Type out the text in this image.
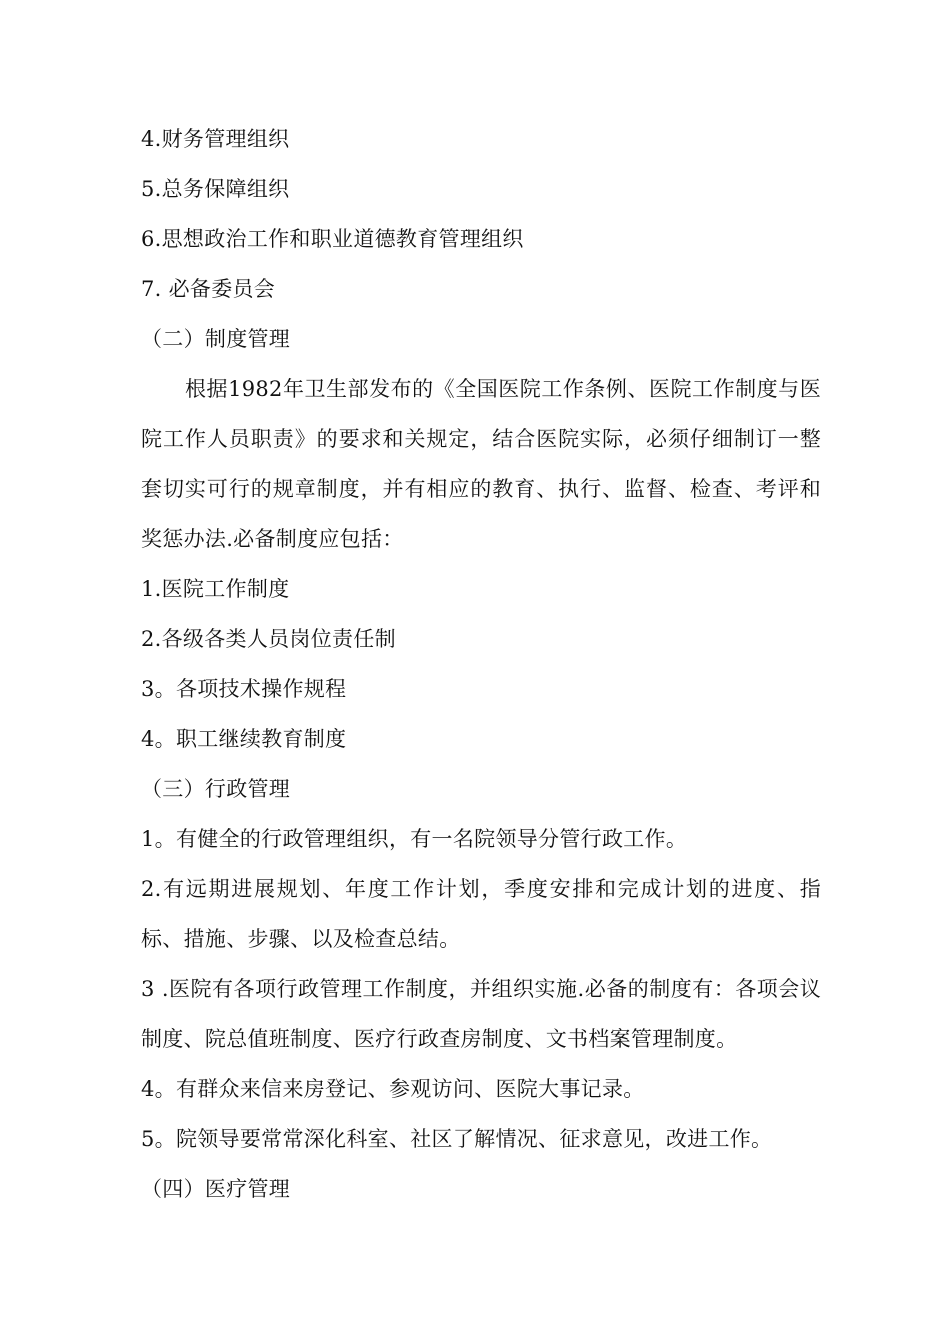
4.财务管理组织
5.总务保障组织
6.思想政治工作和职业道德教育管理组织
7. 必备委员会
（二）制度管理

根据1982年卫生部发布的《全国医院工作条例、医院工作制度与医院工作人员职责》的要求和关规定，结合医院实际，必须仔细制订一整套切实可行的规章制度，并有相应的教育、执行、监督、检查、考评和奖惩办法.必备制度应包括：

1.医院工作制度
2.各级各类人员岗位责任制
3。各项技术操作规程
4。职工继续教育制度
（三）行政管理
1。有健全的行政管理组织，有一名院领导分管行政工作。

2.有远期进展规划、年度工作计划，季度安排和完成计划的进度、指标、措施、步骤、以及检查总结。

3 .医院有各项行政管理工作制度，并组织实施.必备的制度有：各项会议制度、院总值班制度、医疗行政查房制度、文书档案管理制度。

4。有群众来信来房登记、参观访问、医院大事记录。
5。院领导要常常深化科室、社区了解情况、征求意见，改进工作。
（四）医疗管理
